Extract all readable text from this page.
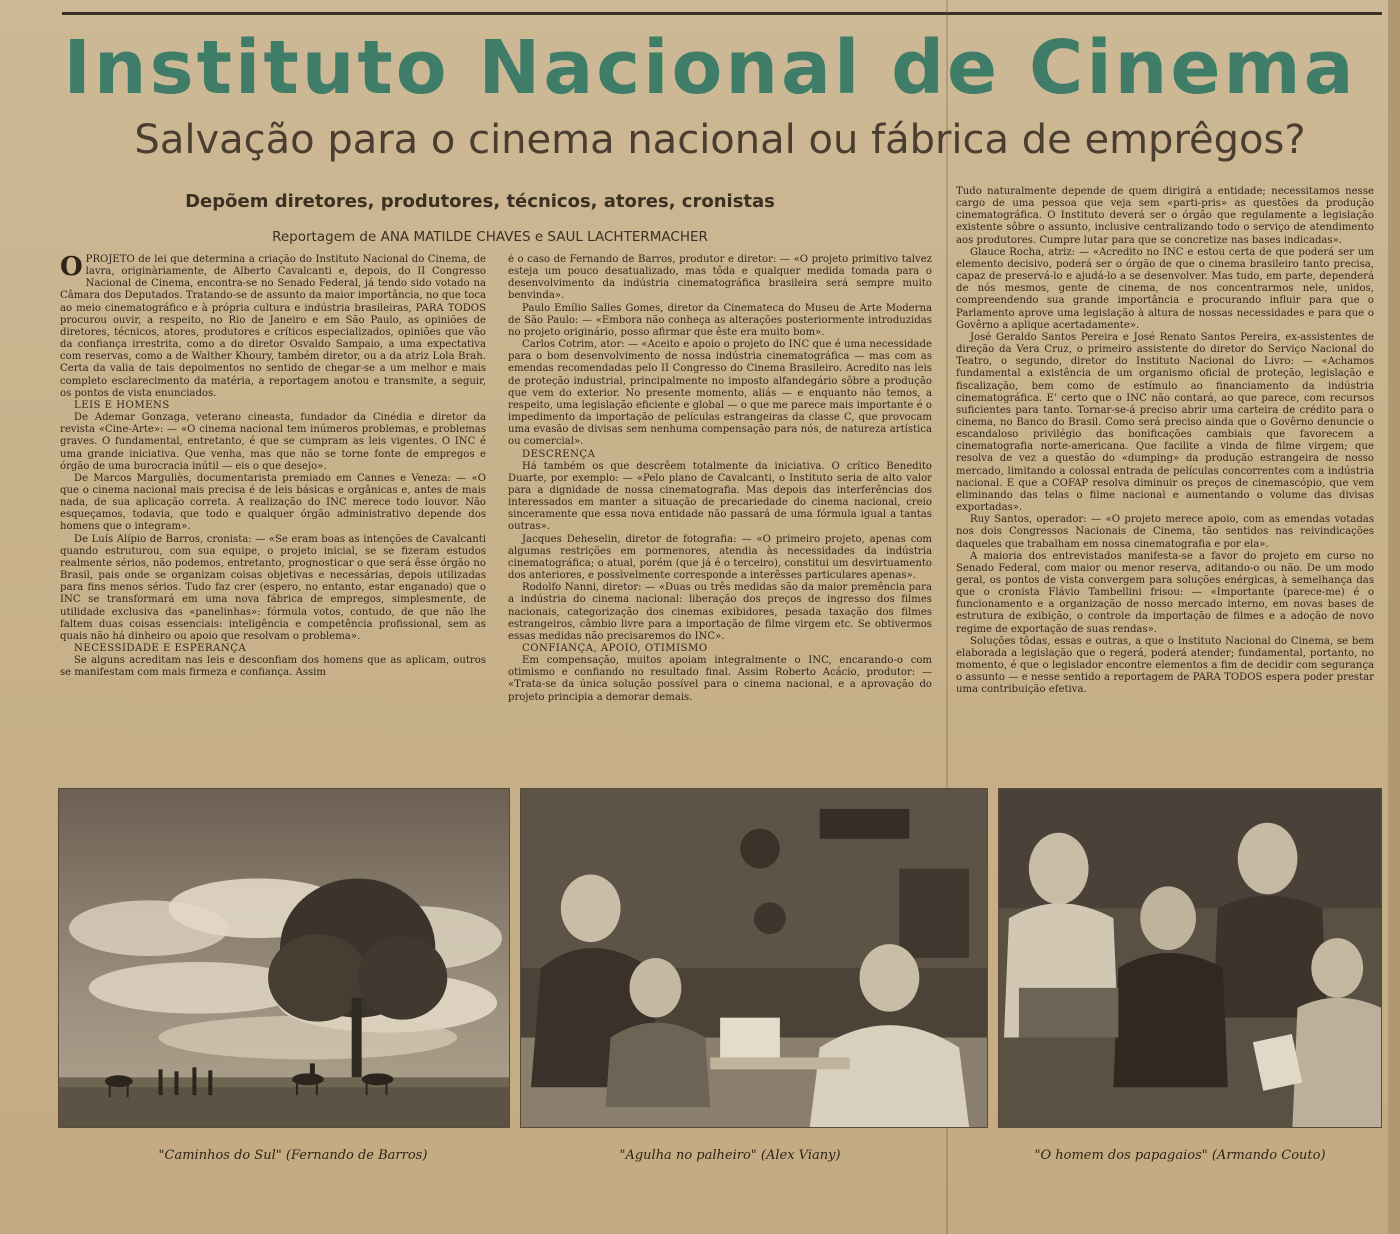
Instituto Nacional de Cinema
Salvação para o cinema nacional ou fábrica de emprêgos?
Depõem diretores, produtores, técnicos, atores, cronistas
Reportagem de ANA MATILDE CHAVES e SAUL LACHTERMACHER

OPROJETO de lei que determina a criação do Instituto Nacional do Cinema, de lavra, originàriamente, de Alberto Cavalcanti e, depois, do II Congresso Nacional de Cinema, encontra-se no Senado Federal, já tendo sido votado na Câmara dos Deputados. Tratando-se de assunto da maior importância, no que toca ao meio cinematográfico e à própria cultura e indústria brasileiras, PARA TODOS procurou ouvir, a respeito, no Rio de Janeiro e em São Paulo, as opiniões de diretores, técnicos, atores, produtores e críticos especializados, opiniões que vão da confiança irrestrita, como a do diretor Osvaldo Sampaio, a uma expectativa com reservas, como a de Walther Khoury, também diretor, ou a da atriz Lola Brah. Certa da valia de tais depoimentos no sentido de chegar-se a um melhor e mais completo esclarecimento da matéria, a reportagem anotou e transmite, a seguir, os pontos de vista enunciados.

LEIS E HOMENS

De Ademar Gonzaga, veterano cineasta, fundador da Cinédia e diretor da revista «Cine-Arte»: — «O cinema nacional tem inúmeros problemas, e problemas graves. O fundamental, entretanto, é que se cumpram as leis vigentes. O INC é uma grande iniciativa. Que venha, mas que não se torne fonte de empregos e órgão de uma burocracia inútil — eis o que desejo».

De Marcos Marguliès, documentarista premiado em Cannes e Veneza: — «O que o cinema nacional mais precisa é de leis básicas e orgânicas e, antes de mais nada, de sua aplicação correta. A realização do INC merece todo louvor. Não esqueçamos, todavia, que todo e qualquer órgão administrativo depende dos homens que o integram».

De Luís Alípio de Barros, cronista: — «Se eram boas as intenções de Cavalcanti quando estruturou, com sua equipe, o projeto inicial, se se fizeram estudos realmente sérios, não podemos, entretanto, prognosticar o que será êsse órgão no Brasil, pais onde se organizam coisas objetivas e necessárias, depois utilizadas para fins menos sérios. Tudo faz crer (espero, no entanto, estar enganado) que o INC se transformará em uma nova fábrica de empregos, simplesmente, de utilidade exclusiva das «panelinhas»: fórmula votos, contudo, de que não lhe faltem duas coisas essenciais: inteligência e competência profissional, sem as quais não há dinheiro ou apoio que resolvam o problema».

NECESSIDADE E ESPERANÇA

Se alguns acreditam nas leis e desconfiam dos homens que as aplicam, outros se manifestam com mais firmeza e confiança. Assim

é o caso de Fernando de Barros, produtor e diretor: — «O projeto primitivo talvez esteja um pouco desatualizado, mas tôda e qualquer medida tomada para o desenvolvimento da indústria cinematográfica brasileira será sempre muito benvinda».

Paulo Emílio Salles Gomes, diretor da Cinemateca do Museu de Arte Moderna de São Paulo: — «Embora não conheça as alterações posteriormente introduzidas no projeto originário, posso afirmar que êste era muito bom».

Carlos Cotrim, ator: — «Aceito e apoio o projeto do INC que é uma necessidade para o bom desenvolvimento de nossa indústria cinematográfica — mas com as emendas recomendadas pelo II Congresso do Cinema Brasileiro. Acredito nas leis de proteção industrial, principalmente no imposto alfandegário sôbre a produção que vem do exterior. No presente momento, aliás — e enquanto não temos, a respeito, uma legislação eficiente e global — o que me parece mais importante é o impedimento da importação de películas estrangeiras da classe C, que provocam uma evasão de divisas sem nenhuma compensação para nós, de natureza artística ou comercial».

DESCRENÇA

Há também os que descrêem totalmente da iniciativa. O crítico Benedito Duarte, por exemplo: — «Pelo plano de Cavalcanti, o Instituto seria de alto valor para a dignidade de nossa cinematografia. Mas depois das interferências dos interessados em manter a situação de precariedade do cinema nacional, creio sinceramente que essa nova entidade não passará de uma fórmula igual a tantas outras».

Jacques Deheselin, diretor de fotografia: — «O primeiro projeto, apenas com algumas restrições em pormenores, atendia às necessidades da indústria cinematográfica; o atual, porém (que já é o terceiro), constitui um desvirtuamento dos anteriores, e possìvelmente corresponde a interêsses particulares apenas».

Rodolfo Nanni, diretor: — «Duas ou três medidas são da maior premência para a indústria do cinema nacional: liberação dos preços de ingresso dos filmes nacionais, categorização dos cinemas exibidores, pesada taxação dos filmes estrangeiros, câmbio livre para a importação de filme virgem etc. Se obtivermos essas medidas não precisaremos do INC».

CONFIANÇA, APOIO, OTIMISMO

Em compensação, muitos apoiam integralmente o INC, encarando-o com otimismo e confiando no resultado final. Assim Roberto Acácio, produtor: — «Trata-se da única solução possível para o cinema nacional, e a aprovação do projeto principia a demorar demais.

Tudo naturalmente depende de quem dirigirá a entidade; necessitamos nesse cargo de uma pessoa que veja sem «parti-pris» as questões da produção cinematográfica. O Instituto deverá ser o órgão que regulamente a legislação existente sôbre o assunto, inclusive centralizando todo o serviço de atendimento aos produtores. Cumpre lutar para que se concretize nas bases indicadas».

Glauce Rocha, atriz: — «Acredito no INC e estou certa de que poderá ser um elemento decisivo, poderá ser o órgão de que o cinema brasileiro tanto precisa, capaz de preservá-lo e ajudá-lo a se desenvolver. Mas tudo, em parte, dependerá de nós mesmos, gente de cinema, de nos concentrarmos nele, unidos, compreendendo sua grande importância e procurando influir para que o Parlamento aprove uma legislação à altura de nossas necessidades e para que o Govêrno a aplique acertadamente».

José Geraldo Santos Pereira e José Renato Santos Pereira, ex-assistentes de direção da Vera Cruz, o primeiro assistente do diretor do Serviço Nacional do Teatro, o segundo, diretor do Instituto Nacional do Livro: — «Achamos fundamental a existência de um organismo oficial de proteção, legislação e fiscalização, bem como de estímulo ao financiamento da indústria cinematográfica. E' certo que o INC não contará, ao que parece, com recursos suficientes para tanto. Tornar-se-á preciso abrir uma carteira de crédito para o cinema, no Banco do Brasil. Como será preciso ainda que o Govêrno denuncie o escandaloso privilégio das bonificações cambiais que favorecem a cinematografia norte-americana. Que facilite a vinda de filme virgem; que resolva de vez a questão do «dumping» da produção estrangeira de nosso mercado, limitando a colossal entrada de películas concorrentes com a indústria nacional. E que a COFAP resolva diminuir os preços de cinemascópio, que vem eliminando das telas o filme nacional e aumentando o volume das divisas exportadas».

Ruy Santos, operador: — «O projeto merece apoio, com as emendas votadas nos dois Congressos Nacionais de Cinema, tão sentidos nas reivindicações daqueles que trabalham em nossa cinematografia e por ela».

A maioria dos entrevistados manifesta-se a favor do projeto em curso no Senado Federal, com maior ou menor reserva, aditando-o ou não. De um modo geral, os pontos de vista convergem para soluções enérgicas, à semelhança das que o cronista Flávio Tambellini frisou: — «Importante (parece-me) é o funcionamento e a organização de nosso mercado interno, em novas bases de estrutura de exibição, o controle da importação de filmes e a adoção de novo regime de exportação de suas rendas».

Soluções tôdas, essas e outras, a que o Instituto Nacional do Cinema, se bem elaborada a legislação que o regerá, poderá atender; fundamental, portanto, no momento, é que o legislador encontre elementos a fim de decidir com segurança o assunto — e nesse sentido a reportagem de PARA TODOS espera poder prestar uma contribuição efetiva.

"Caminhos do Sul" (Fernando de Barros)	"Agulha no palheiro" (Alex Viany)	"O homem dos papagaios" (Armando Couto)
